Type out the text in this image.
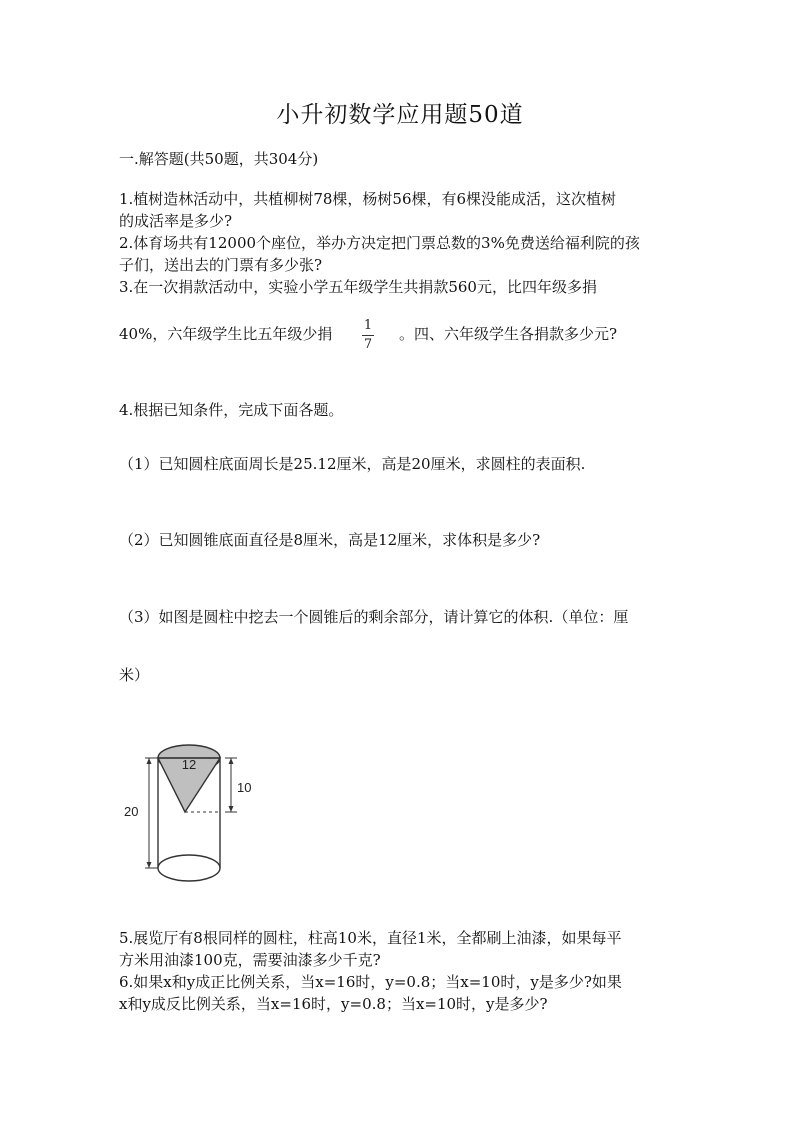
小升初数学应用题50道
一.解答题(共50题，共304分)
1.植树造林活动中，共植柳树78棵，杨树56棵，有6棵没能成活，这次植树
的成活率是多少?
2.体育场共有12000个座位，举办方决定把门票总数的3%免费送给福利院的孩
子们，送出去的门票有多少张?
3.在一次捐款活动中，实验小学五年级学生共捐款560元，比四年级多捐
40%，六年级学生比五年级少捐	1
7
。四、六年级学生各捐款多少元?
4.根据已知条件，完成下面各题。
（1）已知圆柱底面周长是25.12厘米，高是20厘米，求圆柱的表面积.
（2）已知圆锥底面直径是8厘米，高是12厘米，求体积是多少?
（3）如图是圆柱中挖去一个圆锥后的剩余部分，请计算它的体积.（单位：厘
米）
12
10
20
5.展览厅有8根同样的圆柱，柱高10米，直径1米，全都刷上油漆，如果每平
方米用油漆100克，需要油漆多少千克?
6.如果x和y成正比例关系，当x=16时，y=0.8；当x=10时，y是多少?如果
x和y成反比例关系，当x=16时，y=0.8；当x=10时，y是多少?
